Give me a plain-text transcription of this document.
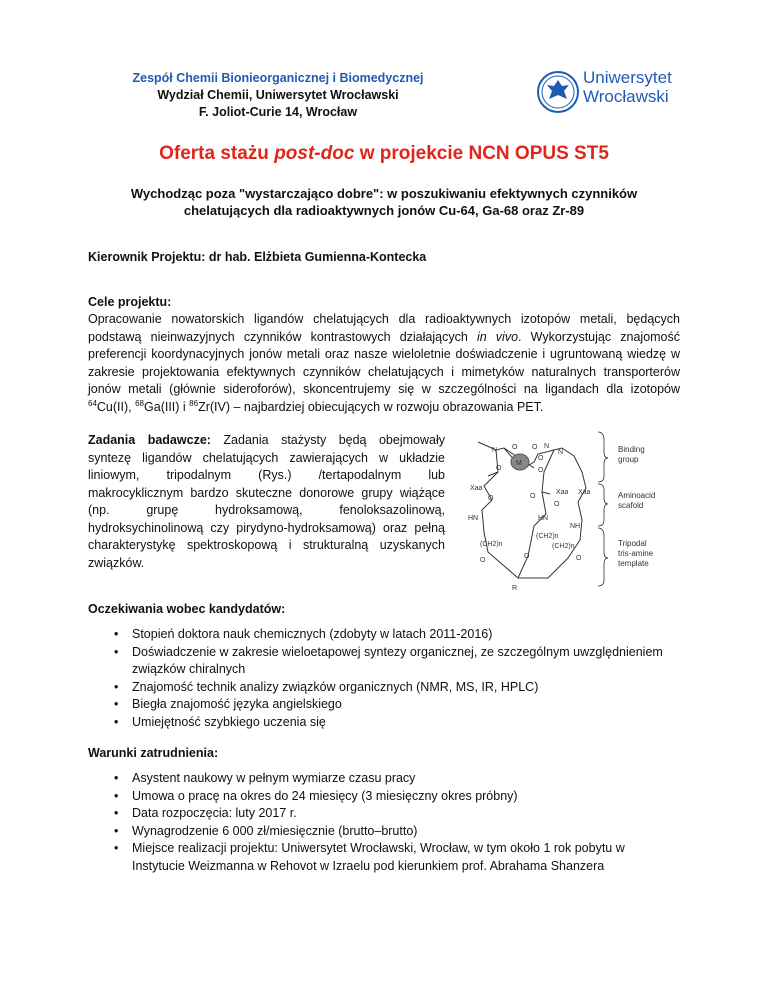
Zespół Chemii Bionieorganicznej i Biomedycznej
Wydział Chemii, Uniwersytet Wrocławski
F. Joliot-Curie 14, Wrocław
Uniwersytet
Wrocławski
Oferta stażu post-doc w projekcie NCN OPUS ST5
Wychodząc poza "wystarczająco dobre": w poszukiwaniu efektywnych czynników chelatujących dla radioaktywnych jonów Cu-64, Ga-68 oraz Zr-89
Kierownik Projektu: dr hab. Elżbieta Gumienna-Kontecka
Cele projektu:
Opracowanie nowatorskich ligandów chelatujących dla radioaktywnych izotopów metali, będących podstawą nieinwazyjnych czynników kontrastowych działających in vivo. Wykorzystując znajomość preferencji koordynacyjnych jonów metali oraz nasze wieloletnie doświadczenie i ugruntowaną wiedzę w zakresie projektowania efektywnych czynników chelatujących i mimetyków naturalnych transporterów jonów metali (głównie sideroforów), skoncentrujemy się w szczególności na ligandach dla izotopów $^{64}$Cu(II), $^{68}$Ga(III) i $^{86}$Zr(IV) – najbardziej obiecujących w rozwoju obrazowania PET.
Zadania badawcze: Zadania stażysty będą obejmowały syntezę ligandów chelatujących zawierających w układzie liniowym, tripodalnym (Rys.) /tertapodalnym lub makrocyklicznym bardzo skuteczne donorowe grupy wiążące (np. grupę hydroksamową, fenoloksazolinową, hydroksychinolinową czy pirydyno-hydroksamową) oraz pełną charakterystykę spektroskopową i strukturalną uzyskanych związków.
N O
M
O N
N
O	O
Xaa
O
Xaa Xaa
O
HN	HN
NH
(CH2)n
(CH2)n
(CH2)n
O
O	O
R
O
O
Binding
group
Aminoacid
scafold
Tripodal
tris-amine
template
Oczekiwania wobec kandydatów:
• Stopień doktora nauk chemicznych (zdobyty w latach 2011-2016)
• Doświadczenie w zakresie wieloetapowej syntezy organicznej, ze szczególnym uwzględnieniem związków chiralnych
• Znajomość technik analizy związków organicznych (NMR, MS, IR, HPLC)
• Biegła znajomość języka angielskiego
• Umiejętność szybkiego uczenia się
Warunki zatrudnienia:
• Asystent naukowy w pełnym wymiarze czasu pracy
• Umowa o pracę na okres do 24 miesięcy (3 miesięczny okres próbny)
• Data rozpoczęcia: luty 2017 r.
• Wynagrodzenie 6 000 zł/miesięcznie (brutto–brutto)
• Miejsce realizacji projektu: Uniwersytet Wrocławski, Wrocław, w tym około 1 rok pobytu w Instytucie Weizmanna w Rehovot w Izraelu pod kierunkiem prof. Abrahama Shanzera
